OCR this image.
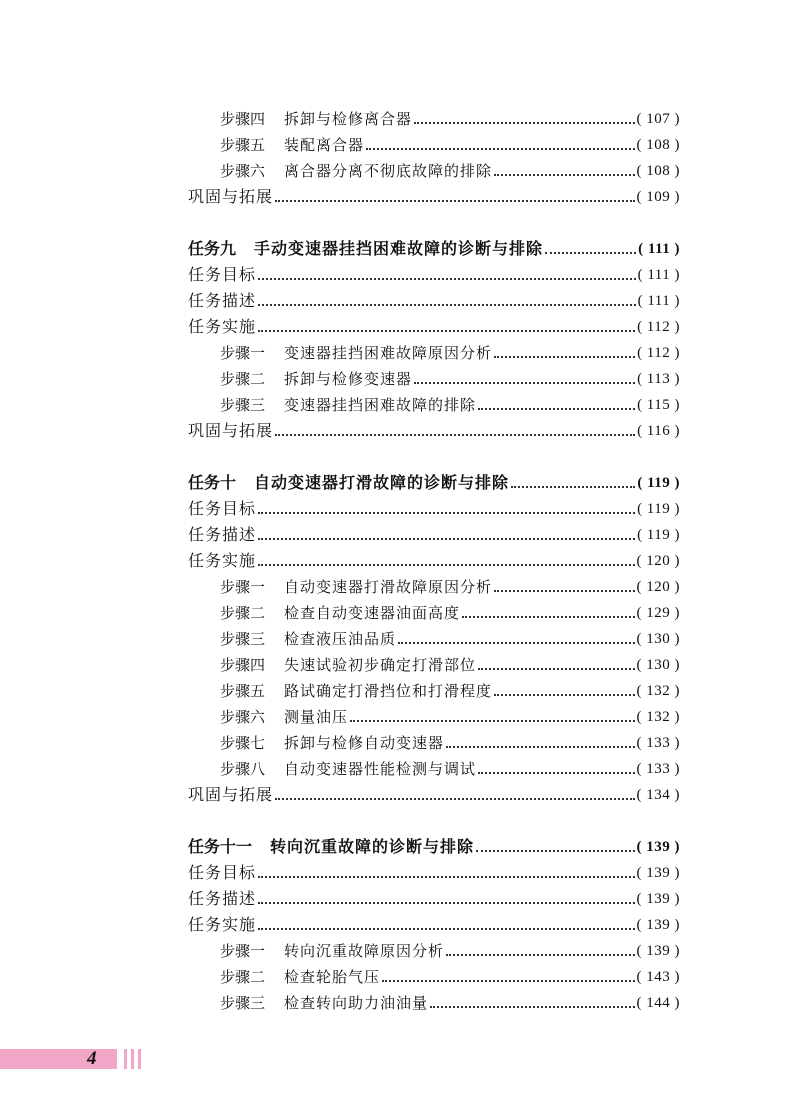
步骤四	拆卸与检修离合器	( 107 )
步骤五	装配离合器	( 108 )
步骤六	离合器分离不彻底故障的排除	( 108 )
巩固与拓展	( 109 )
任务九 手动变速器挂挡困难故障的诊断与排除	( 111 )
任务目标	( 111 )
任务描述	( 111 )
任务实施	( 112 )
步骤一	变速器挂挡困难故障原因分析	( 112 )
步骤二	拆卸与检修变速器	( 113 )
步骤三	变速器挂挡困难故障的排除	( 115 )
巩固与拓展	( 116 )
任务十 自动变速器打滑故障的诊断与排除	( 119 )
任务目标	( 119 )
任务描述	( 119 )
任务实施	( 120 )
步骤一	自动变速器打滑故障原因分析	( 120 )
步骤二	检查自动变速器油面高度	( 129 )
步骤三	检查液压油品质	( 130 )
步骤四	失速试验初步确定打滑部位	( 130 )
步骤五	路试确定打滑挡位和打滑程度	( 132 )
步骤六	测量油压	( 132 )
步骤七	拆卸与检修自动变速器	( 133 )
步骤八	自动变速器性能检测与调试	( 133 )
巩固与拓展	( 134 )
任务十一 转向沉重故障的诊断与排除	( 139 )
任务目标	( 139 )
任务描述	( 139 )
任务实施	( 139 )
步骤一	转向沉重故障原因分析	( 139 )
步骤二	检查轮胎气压	( 143 )
步骤三	检查转向助力油油量	( 144 )
4
